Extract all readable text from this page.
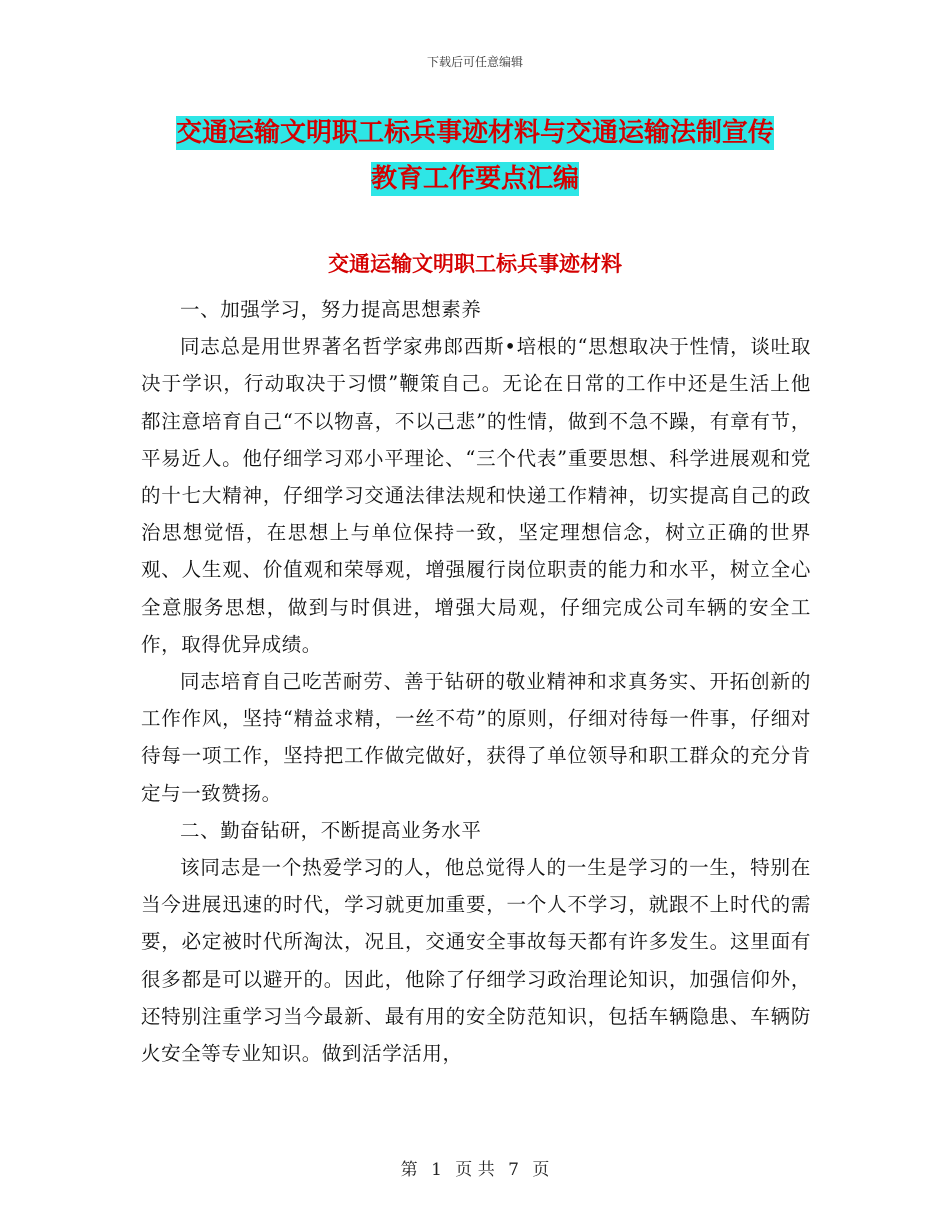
下载后可任意编辑
交通运输文明职工标兵事迹材料与交通运输法制宣传
教育工作要点汇编
交通运输文明职工标兵事迹材料

一、加强学习，努力提高思想素养

同志总是用世界著名哲学家弗郎西斯•培根的“思想取决于性情，谈吐取决于学识，行动取决于习惯”鞭策自己。无论在日常的工作中还是生活上他都注意培育自己“不以物喜，不以己悲”的性情，做到不急不躁，有章有节，平易近人。他仔细学习邓小平理论、“三个代表”重要思想、科学进展观和党的十七大精神，仔细学习交通法律法规和快递工作精神，切实提高自己的政治思想觉悟，在思想上与单位保持一致，坚定理想信念，树立正确的世界观、人生观、价值观和荣辱观，增强履行岗位职责的能力和水平，树立全心全意服务思想，做到与时俱进，增强大局观，仔细完成公司车辆的安全工作，取得优异成绩。

同志培育自己吃苦耐劳、善于钻研的敬业精神和求真务实、开拓创新的工作作风，坚持“精益求精，一丝不苟”的原则，仔细对待每一件事，仔细对待每一项工作，坚持把工作做完做好，获得了单位领导和职工群众的充分肯定与一致赞扬。

二、勤奋钻研，不断提高业务水平

该同志是一个热爱学习的人，他总觉得人的一生是学习的一生，特别在当今进展迅速的时代，学习就更加重要，一个人不学习，就跟不上时代的需要，必定被时代所淘汰，况且，交通安全事故每天都有许多发生。这里面有很多都是可以避开的。因此，他除了仔细学习政治理论知识，加强信仰外，还特别注重学习当今最新、最有用的安全防范知识，包括车辆隐患、车辆防火安全等专业知识。做到活学活用，

第 1 页 共 7 页
